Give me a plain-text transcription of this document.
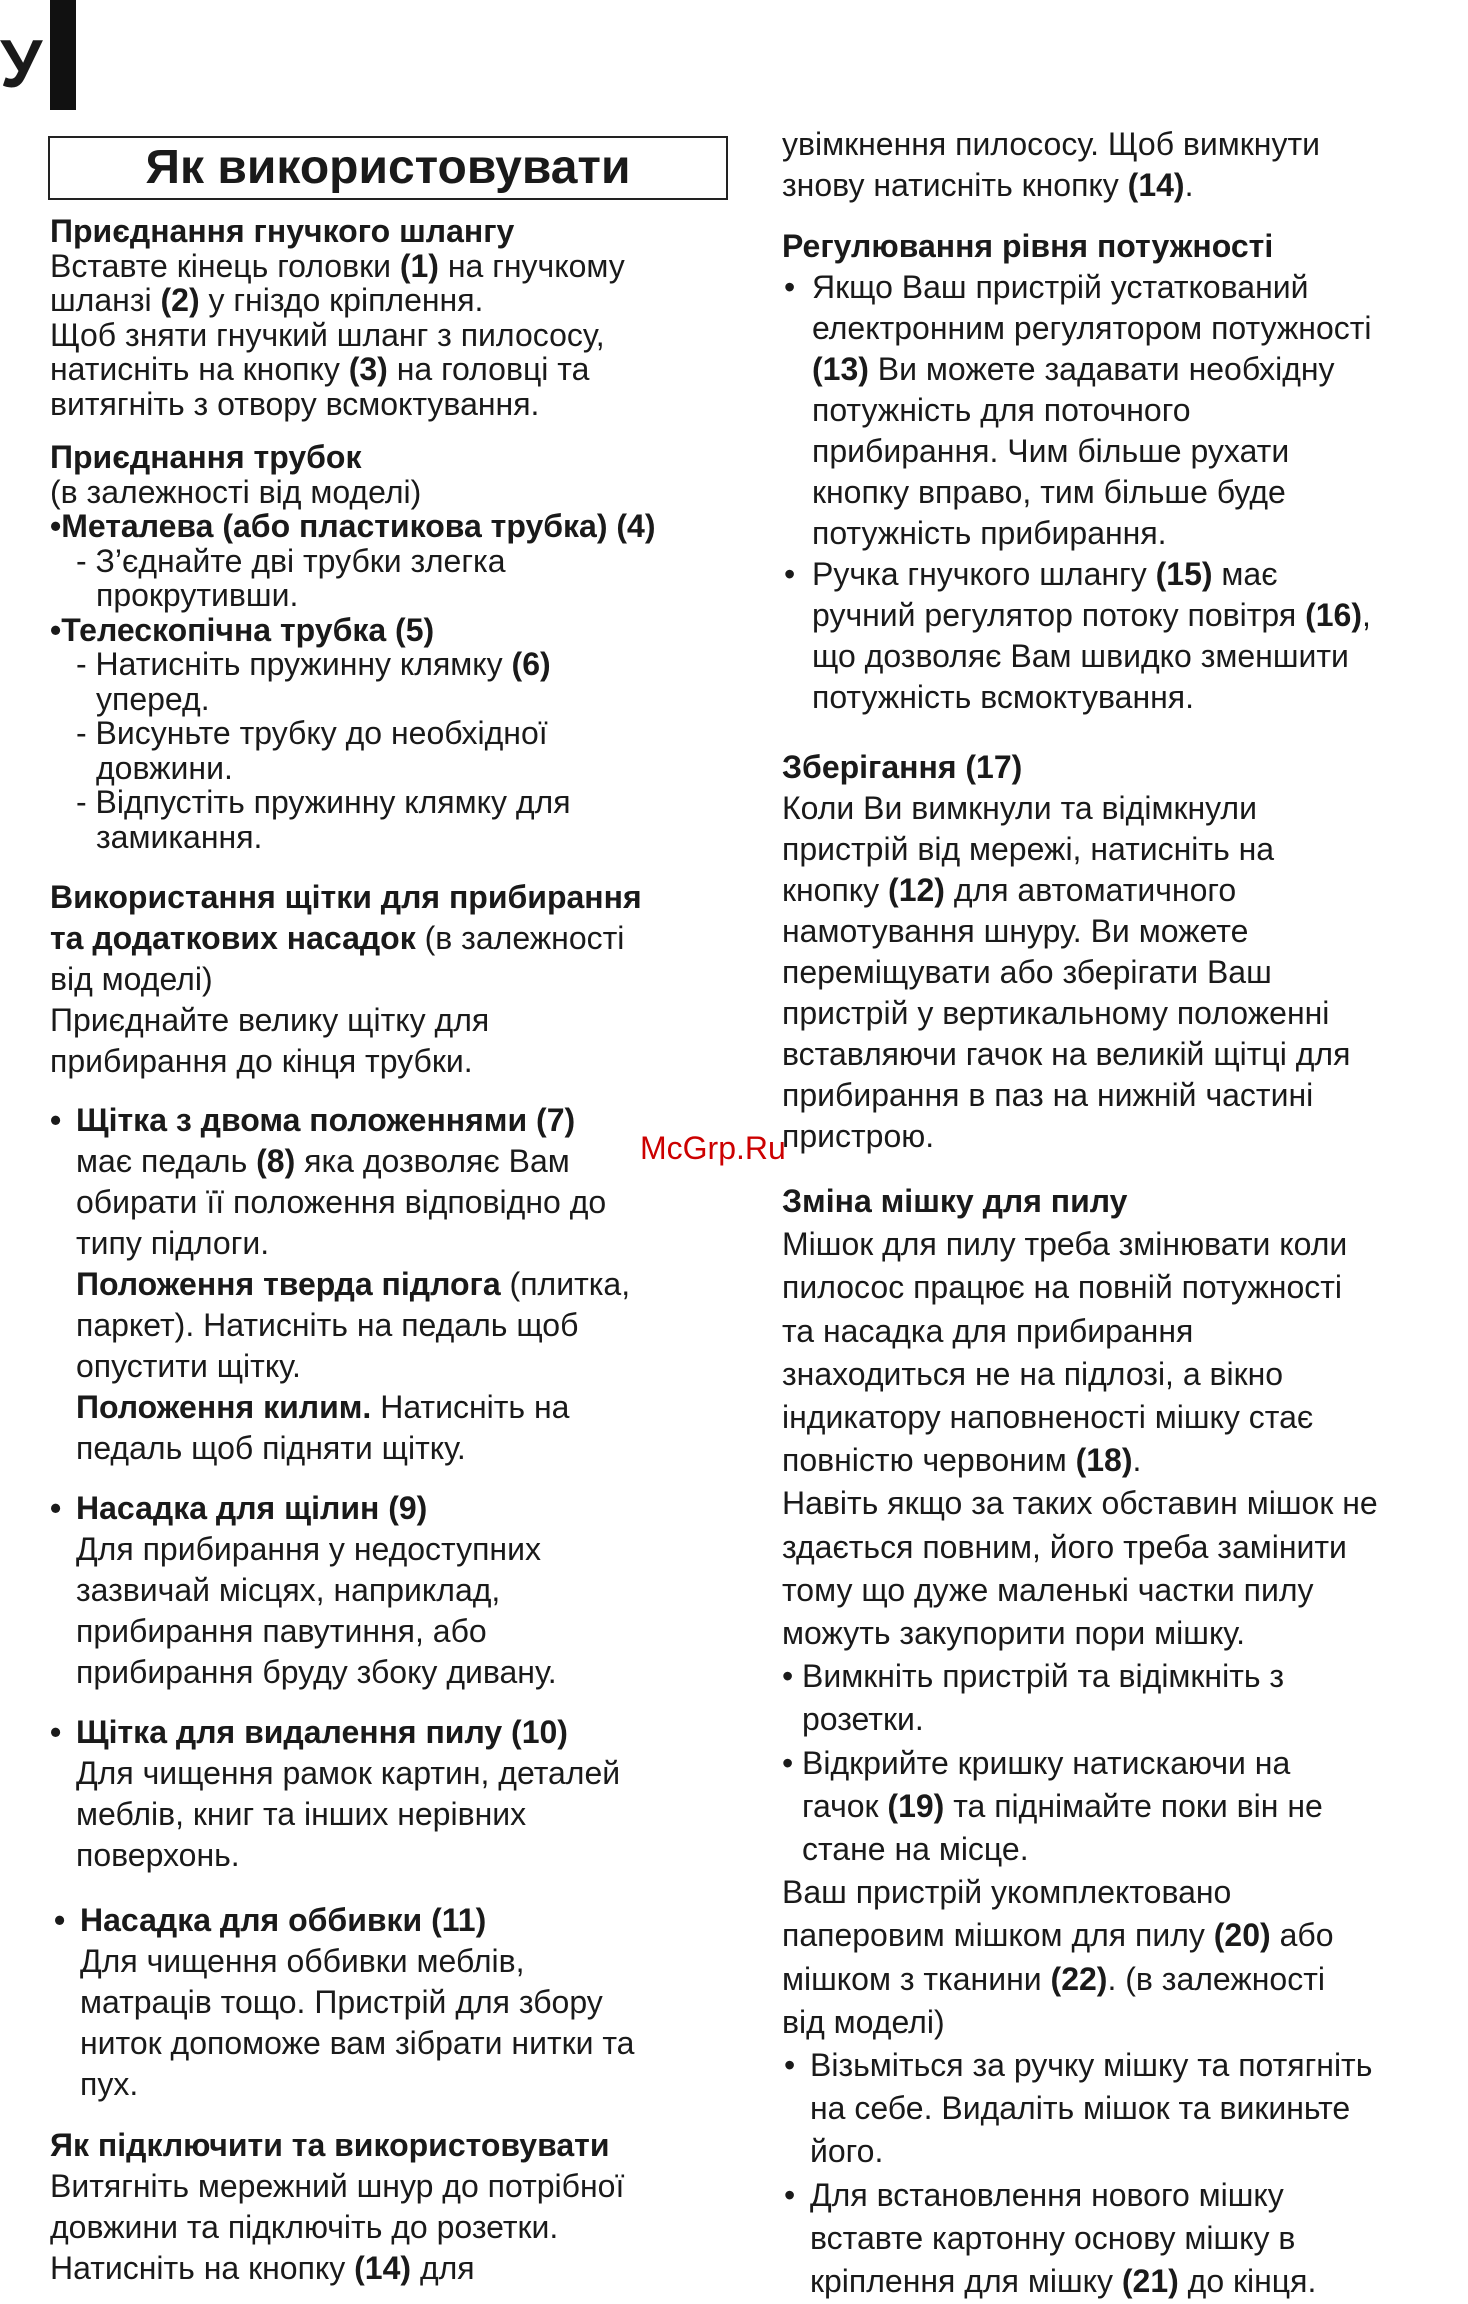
У
Як використовувати

Приєднання гнучкого шлангу

Вставте кінець головки (1) на гнучкому

шланзі (2) у гніздо кріплення.

Щоб зняти гнучкий шланг з пилососу,

натисніть на кнопку (3) на головці та

витягніть з отвору всмоктування.

Приєднання трубок

(в залежності від моделі)

•Металева (або пластикова трубка) (4)

- З’єднайте дві трубки злегка

прокрутивши.

•Телескопічна трубка (5)

- Натисніть пружинну клямку (6)

уперед.

- Висуньте трубку до необхідної

довжини.

- Відпустіть пружинну клямку для

замикання.

Використання щітки для прибирання

та додаткових насадок (в залежності

від моделі)

Приєднайте велику щітку для

прибирання до кінця трубки.

• Щітка з двома положеннями (7)

має педаль (8) яка дозволяє Вам

обирати її положення відповідно до

типу підлоги.

Положення тверда підлога (плитка,

паркет). Натисніть на педаль щоб

опустити щітку.

Положення килим. Натисніть на

педаль щоб підняти щітку.

• Насадка для щілин (9)

Для прибирання у недоступних

зазвичай місцях, наприклад,

прибирання павутиння, або

прибирання бруду збоку дивану.

• Щітка для видалення пилу (10)

Для чищення рамок картин, деталей

меблів, книг та інших нерівних

поверхонь.

• Насадка для оббивки (11)

Для чищення оббивки меблів,

матраців тощо. Пристрій для збору

ниток допоможе вам зібрати нитки та

пух.

Як підключити та використовувати

Витягніть мережний шнур до потрібної

довжини та підключіть до розетки.

Натисніть на кнопку (14) для

увімкнення пилососу. Щоб вимкнути

знову натисніть кнопку (14).

Регулювання рівня потужності

• Якщо Ваш пристрій устаткований

електронним регулятором потужності

(13) Ви можете задавати необхідну

потужність для поточного

прибирання. Чим більше рухати

кнопку вправо, тим більше буде

потужність прибирання.

• Ручка гнучкого шлангу (15) має

ручний регулятор потоку повітря (16),

що дозволяє Вам швидко зменшити

потужність всмоктування.

Зберігання (17)

Коли Ви вимкнули та відімкнули

пристрій від мережі, натисніть на

кнопку (12) для автоматичного

намотування шнуру. Ви можете

переміщувати або зберігати Ваш

пристрій у вертикальному положенні

вставляючи гачок на великій щітці для

прибирання в паз на нижній частині

пристрою.

Зміна мішку для пилу

Мішок для пилу треба змінювати коли

пилосос працює на повній потужності

та насадка для прибирання

знаходиться не на підлозі, а вікно

індикатору наповненості мішку стає

повністю червоним (18).

Навіть якщо за таких обставин мішок не

здається повним, його треба замінити

тому що дуже маленькі частки пилу

можуть закупорити пори мішку.

• Вимкніть пристрій та відімкніть з

розетки.

• Відкрийте кришку натискаючи на

гачок (19) та піднімайте поки він не

стане на місце.

Ваш пристрій укомплектовано

паперовим мішком для пилу (20) або

мішком з тканини (22). (в залежності

від моделі)

• Візьміться за ручку мішку та потягніть

на себе. Видаліть мішок та викиньте

його.

• Для встановлення нового мішку

вставте картонну основу мішку в

кріплення для мішку (21) до кінця.

McGrp.Ru
